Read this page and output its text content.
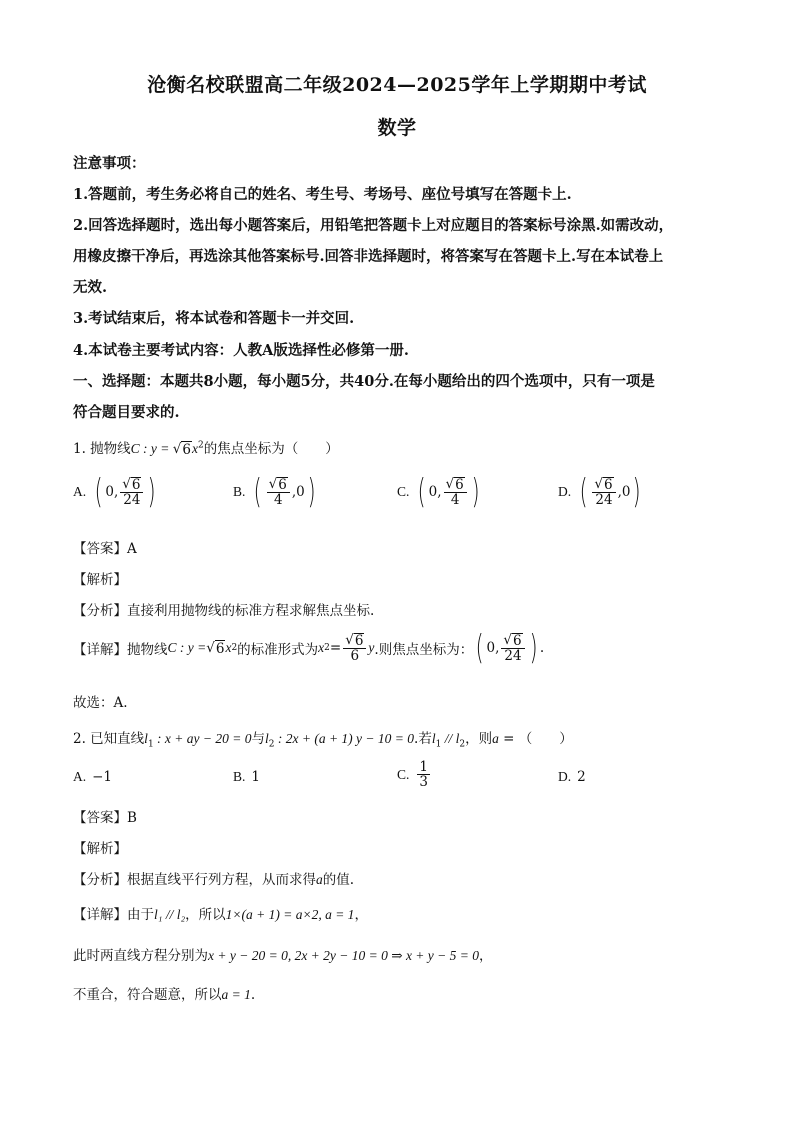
沧衡名校联盟高二年级2024—2025学年上学期期中考试
数学
注意事项：
1.答题前，考生务必将自己的姓名、考生号、考场号、座位号填写在答题卡上.
2.回答选择题时，选出每小题答案后，用铅笔把答题卡上对应题目的答案标号涂黑.如需改动，
用橡皮擦干净后，再选涂其他答案标号.回答非选择题时，将答案写在答题卡上.写在本试卷上
无效.
3.考试结束后，将本试卷和答题卡一并交回.
4.本试卷主要考试内容：人教A版选择性必修第一册.
一、选择题：本题共8小题，每小题5分，共40分.在每小题给出的四个选项中，只有一项是
符合题目要求的.
1. 抛物线C : y = √ 6 $x^2$的焦点坐标为（　　）
A. ( 0, $\frac{√ 6}{24}$ )	B. ( $\frac{√ 6}{4} ,0$ )	C. ( 0, $\frac{√ 6}{4}$ )	D. ( $\frac{√ 6}{24} ,0$ )
【答案】A
【解析】
【分析】直接利用抛物线的标准方程求解焦点坐标.
【详解】抛物线 C : y = √ 6 x 2 的标准形式为 x $2 = \frac{√ 6}{6}$ y .则焦点坐标为： ( 0, $\frac{√ 6}{24}$ ) .
故选：A.
2. 已知直线$l_1$ : x + ay − 20 = 0与$l_2$ : 2x + (a + 1) y − 10 = 0.若$l_1 // l_2$，则a = （　　）
A. −1	B. 1	C. $\frac{1}{3}$	D. 2
【答案】B
【解析】
【分析】根据直线平行列方程，从而求得a的值.
【详解】由于l₁ // l₂，所以1×(a + 1) = a×2, a = 1，
此时两直线方程分别为x + y − 20 = 0, 2x + 2y − 10 = 0 ⇒ x + y − 5 = 0，
不重合，符合题意，所以a = 1.
